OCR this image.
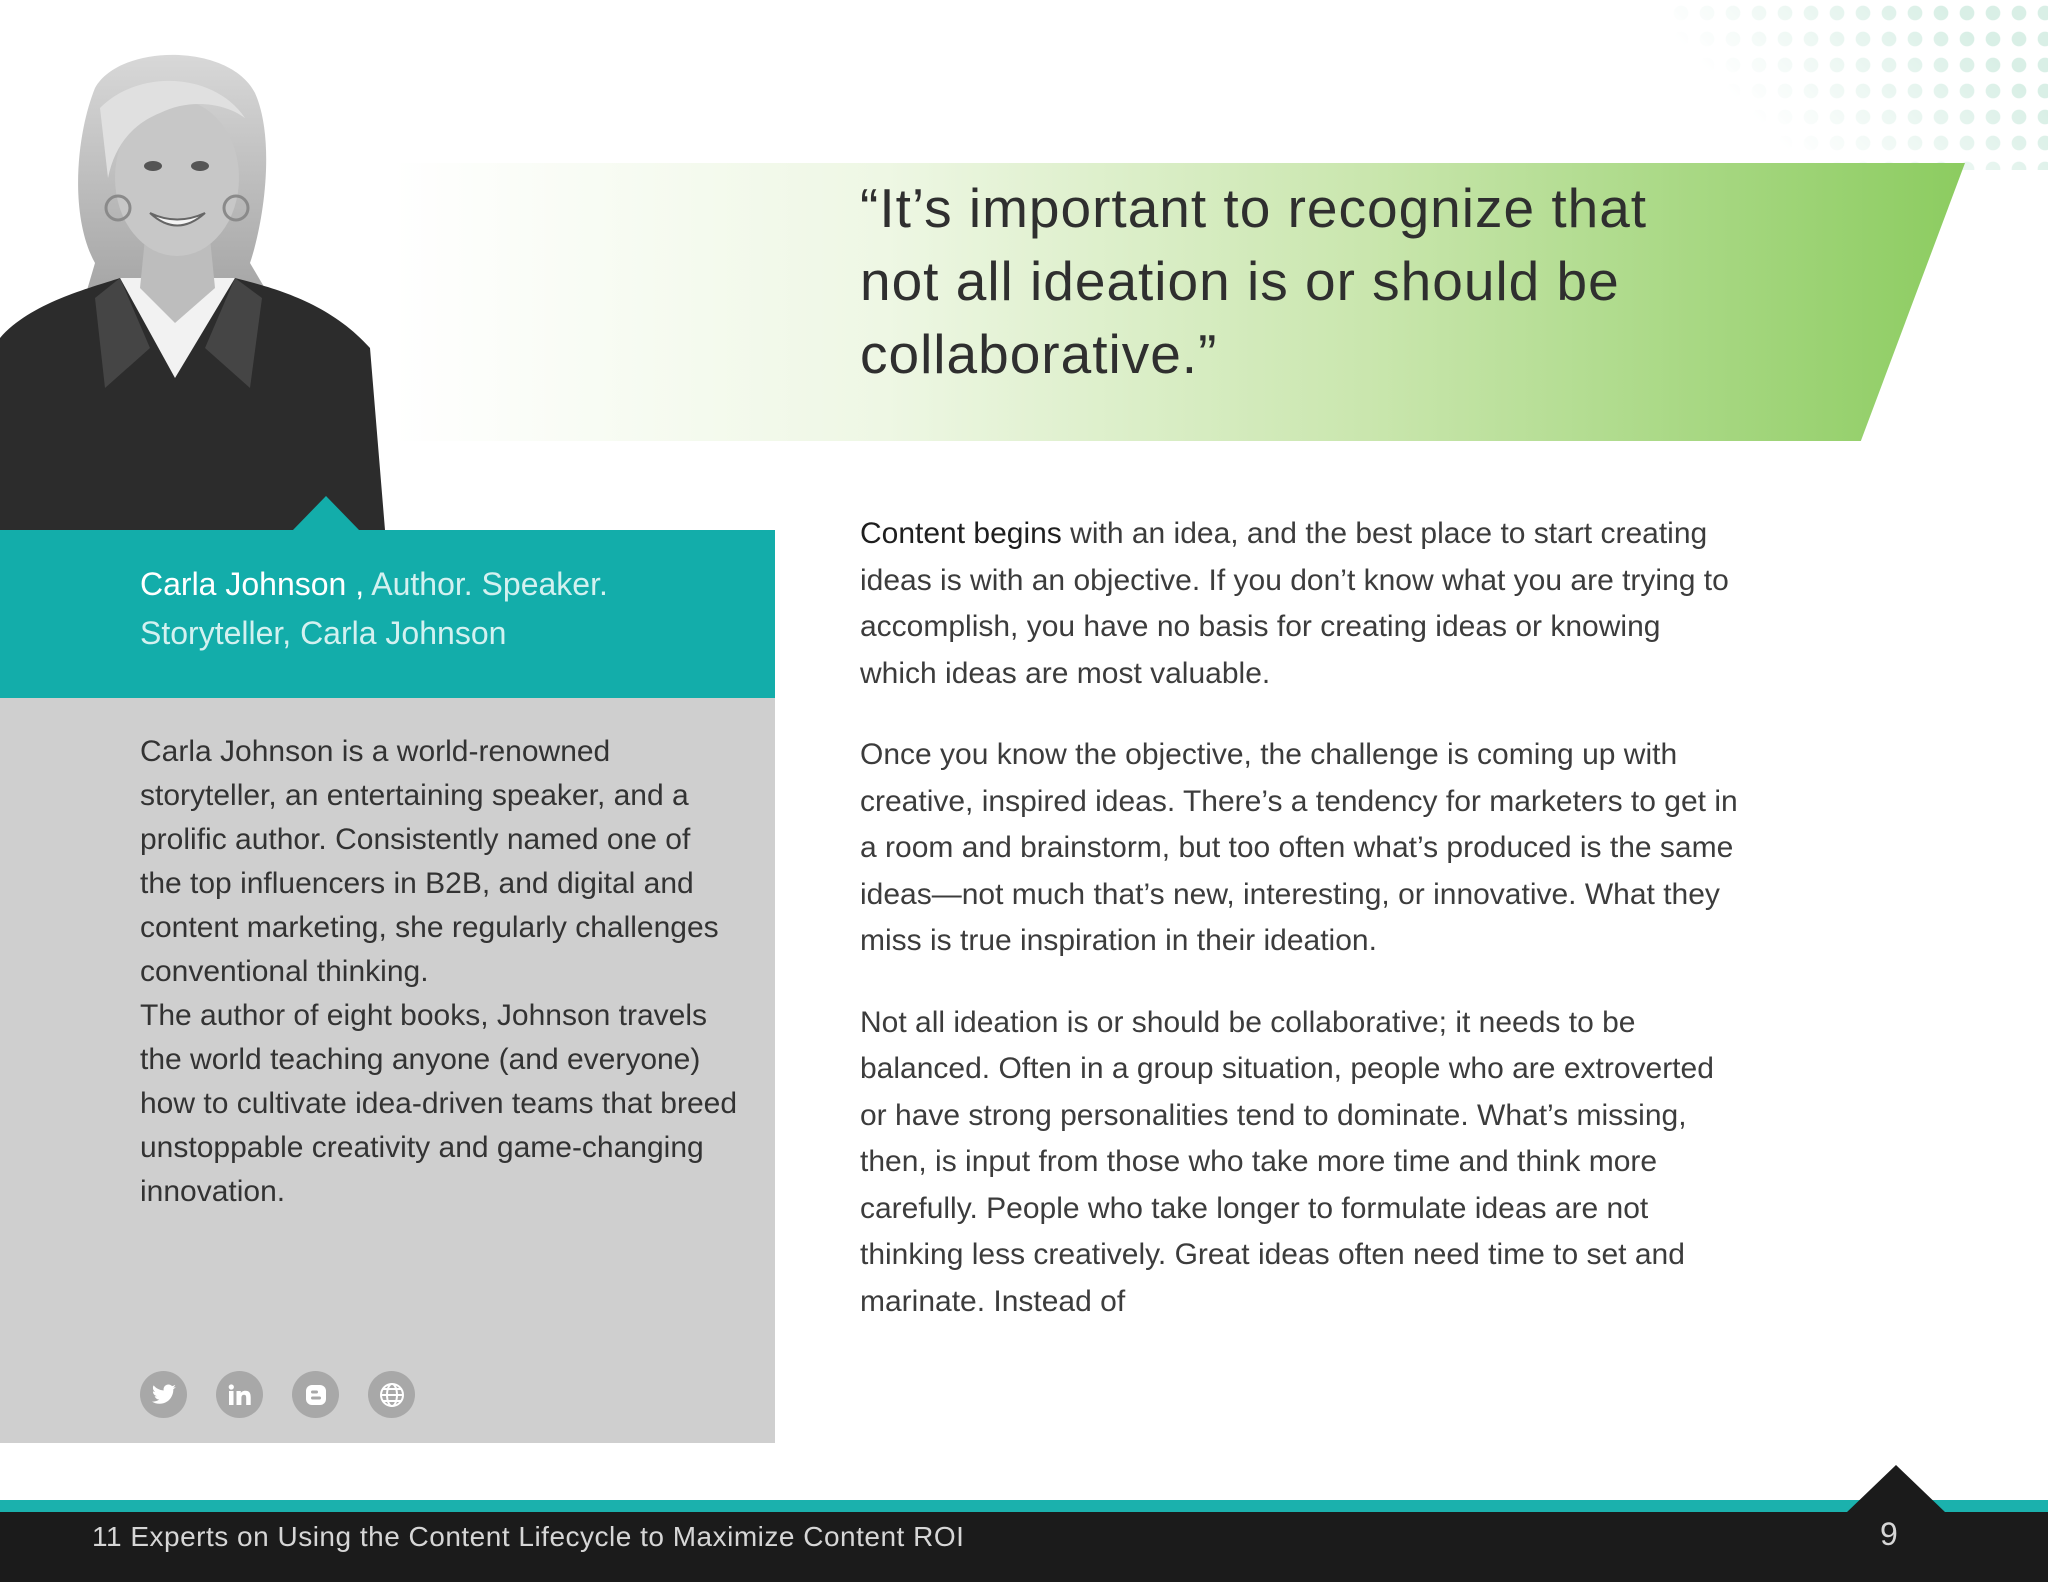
“It’s important to recognize that
not all ideation is or should be
collaborative.”

Carla Johnson , Author. Speaker. Storyteller, Carla Johnson

Carla Johnson is a world-renowned storyteller, an entertaining speaker, and a prolific author. Consistently named one of the top influencers in B2B, and digital and content marketing, she regularly challenges conventional thinking.

The author of eight books, Johnson travels the world teaching anyone (and everyone) how to cultivate idea-driven teams that breed unstoppable creativity and game-changing innovation.

Content begins with an idea, and the best place to start creating ideas is with an objective. If you don’t know what you are trying to accomplish, you have no basis for creating ideas or knowing which ideas are most valuable.

Once you know the objective, the challenge is coming up with creative, inspired ideas. There’s a tendency for marketers to get in a room and brainstorm, but too often what’s produced is the same ideas—not much that’s new, interesting, or innovative. What they miss is true inspiration in their ideation.

Not all ideation is or should be collaborative; it needs to be balanced. Often in a group situation, people who are extroverted or have strong personalities tend to dominate. What’s missing, then, is input from those who take more time and think more carefully. People who take longer to formulate ideas are not thinking less creatively. Great ideas often need time to set and marinate. Instead of

11 Experts on Using the Content Lifecycle to Maximize Content ROI	9
